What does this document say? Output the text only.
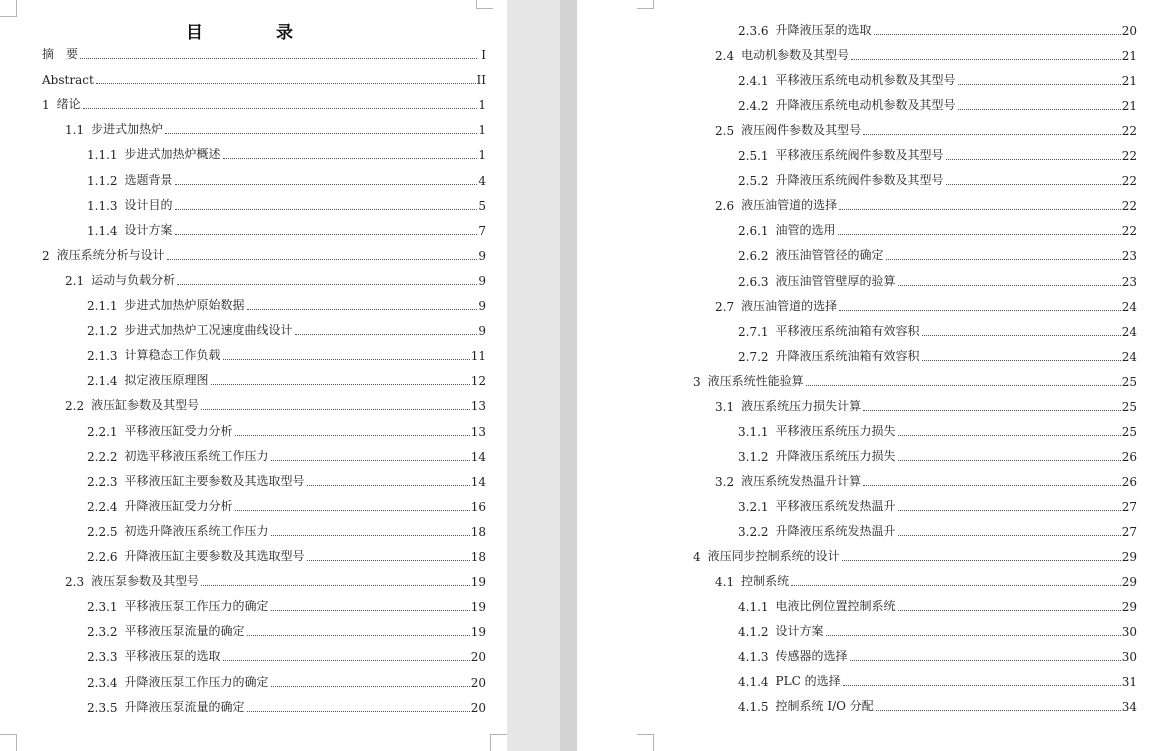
目　录
摘　要	I
Abstract	II
1 绪论	1
1.1 步进式加热炉	1
1.1.1 步进式加热炉概述	1
1.1.2 选题背景	4
1.1.3 设计目的	5
1.1.4 设计方案	7
2 液压系统分析与设计	9
2.1 运动与负载分析	9
2.1.1 步进式加热炉原始数据	9
2.1.2 步进式加热炉工况速度曲线设计	9
2.1.3 计算稳态工作负载	11
2.1.4 拟定液压原理图	12
2.2 液压缸参数及其型号	13
2.2.1 平移液压缸受力分析	13
2.2.2 初选平移液压系统工作压力	14
2.2.3 平移液压缸主要参数及其选取型号	14
2.2.4 升降液压缸受力分析	16
2.2.5 初选升降液压系统工作压力	18
2.2.6 升降液压缸主要参数及其选取型号	18
2.3 液压泵参数及其型号	19
2.3.1 平移液压泵工作压力的确定	19
2.3.2 平移液压泵流量的确定	19
2.3.3 平移液压泵的选取	20
2.3.4 升降液压泵工作压力的确定	20
2.3.5 升降液压泵流量的确定	20
2.3.6 升降液压泵的选取	20
2.4 电动机参数及其型号	21
2.4.1 平移液压系统电动机参数及其型号	21
2.4.2 升降液压系统电动机参数及其型号	21
2.5 液压阀件参数及其型号	22
2.5.1 平移液压系统阀件参数及其型号	22
2.5.2 升降液压系统阀件参数及其型号	22
2.6 液压油管道的选择	22
2.6.1 油管的选用	22
2.6.2 液压油管管径的确定	23
2.6.3 液压油管管壁厚的验算	23
2.7 液压油管道的选择	24
2.7.1 平移液压系统油箱有效容积	24
2.7.2 升降液压系统油箱有效容积	24
3 液压系统性能验算	25
3.1 液压系统压力损失计算	25
3.1.1 平移液压系统压力损失	25
3.1.2 升降液压系统压力损失	26
3.2 液压系统发热温升计算	26
3.2.1 平移液压系统发热温升	27
3.2.2 升降液压系统发热温升	27
4 液压同步控制系统的设计	29
4.1 控制系统	29
4.1.1 电液比例位置控制系统	29
4.1.2 设计方案	30
4.1.3 传感器的选择	30
4.1.4 PLC 的选择	31
4.1.5 控制系统 I/O 分配	34
